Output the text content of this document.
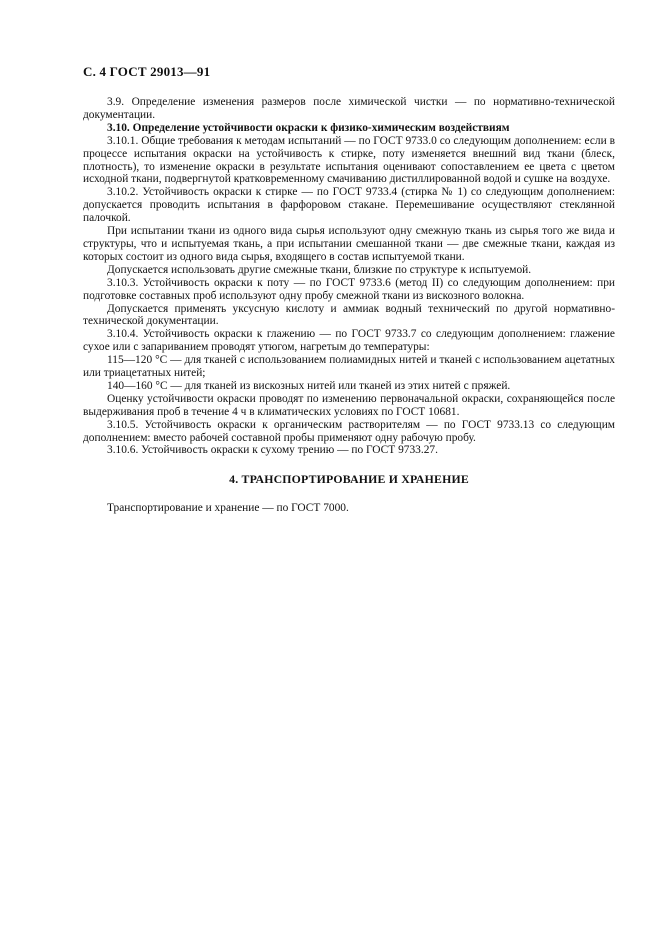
С. 4 ГОСТ 29013—91

3.9. Определение изменения размеров после химической чистки — по нормативно-технической документации.

3.10. Определение устойчивости окраски к физико-химическим воздействиям

3.10.1. Общие требования к методам испытаний — по ГОСТ 9733.0 со следующим дополнением: если в процессе испытания окраски на устойчивость к стирке, поту изменяется внешний вид ткани (блеск, плотность), то изменение окраски в результате испытания оценивают сопоставлением ее цвета с цветом исходной ткани, подвергнутой кратковременному смачиванию дистиллированной водой и сушке на воздухе.

3.10.2. Устойчивость окраски к стирке — по ГОСТ 9733.4 (стирка № 1) со следующим дополнением: допускается проводить испытания в фарфоровом стакане. Перемешивание осуществляют стеклянной палочкой.

При испытании ткани из одного вида сырья используют одну смежную ткань из сырья того же вида и структуры, что и испытуемая ткань, а при испытании смешанной ткани — две смежные ткани, каждая из которых состоит из одного вида сырья, входящего в состав испытуемой ткани.

Допускается использовать другие смежные ткани, близкие по структуре к испытуемой.

3.10.3. Устойчивость окраски к поту — по ГОСТ 9733.6 (метод II) со следующим дополнением: при подготовке составных проб используют одну пробу смежной ткани из вискозного волокна.

Допускается применять уксусную кислоту и аммиак водный технический по другой нормативно-технической документации.

3.10.4. Устойчивость окраски к глажению — по ГОСТ 9733.7 со следующим дополнением: глажение сухое или с запариванием проводят утюгом, нагретым до температуры:

115—120 °С — для тканей с использованием полиамидных нитей и тканей с использованием ацетатных или триацетатных нитей;

140—160 °С — для тканей из вискозных нитей или тканей из этих нитей с пряжей.

Оценку устойчивости окраски проводят по изменению первоначальной окраски, сохраняющейся после выдерживания проб в течение 4 ч в климатических условиях по ГОСТ 10681.

3.10.5. Устойчивость окраски к органическим растворителям — по ГОСТ 9733.13 со следующим дополнением: вместо рабочей составной пробы применяют одну рабочую пробу.

3.10.6. Устойчивость окраски к сухому трению — по ГОСТ 9733.27.

4. ТРАНСПОРТИРОВАНИЕ И ХРАНЕНИЕ

Транспортирование и хранение — по ГОСТ 7000.
